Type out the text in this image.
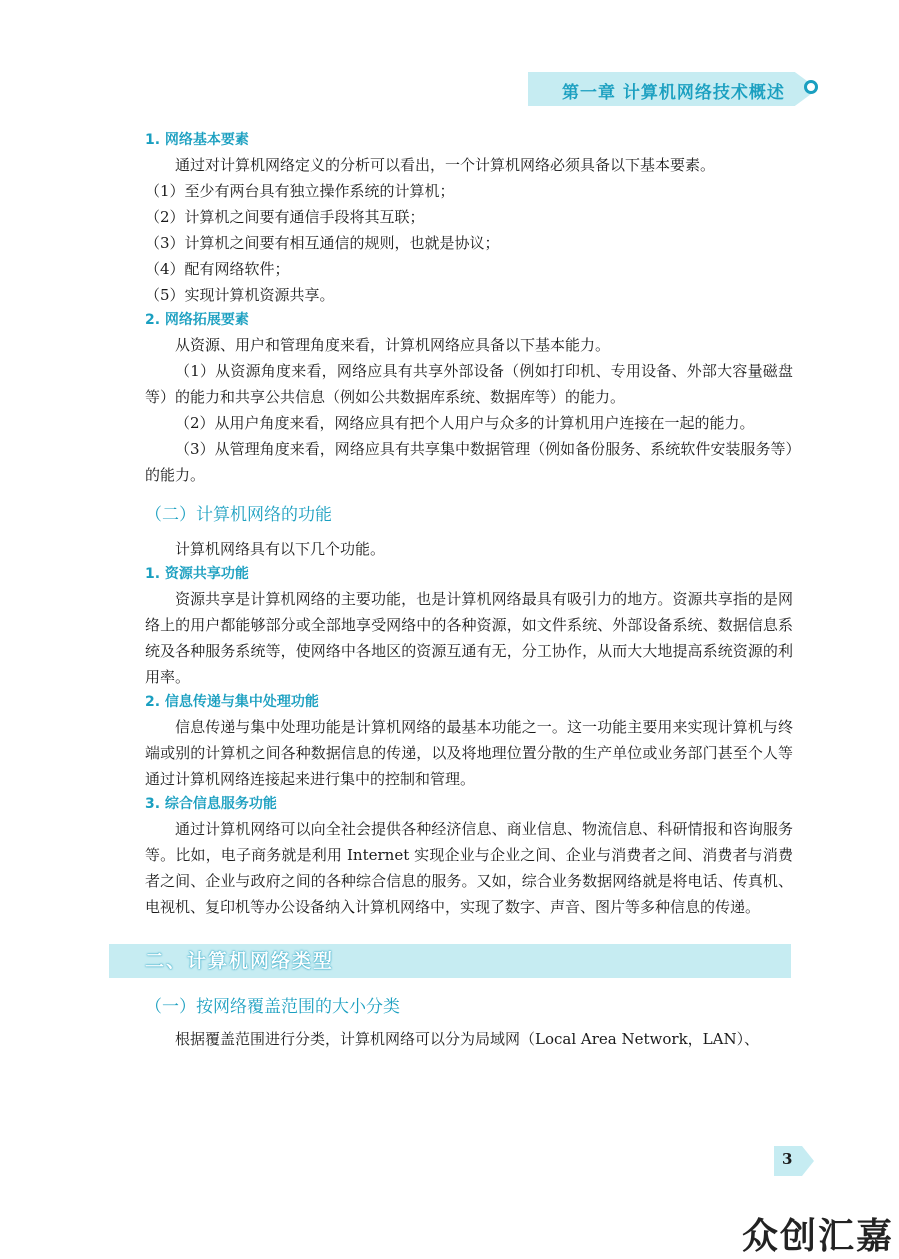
第一章 计算机网络技术概述
1. 网络基本要素

通过对计算机网络定义的分析可以看出，一个计算机网络必须具备以下基本要素。

（1）至少有两台具有独立操作系统的计算机；
（2）计算机之间要有通信手段将其互联；
（3）计算机之间要有相互通信的规则，也就是协议；
（4）配有网络软件；
（5）实现计算机资源共享。
2. 网络拓展要素

从资源、用户和管理角度来看，计算机网络应具备以下基本能力。

（1）从资源角度来看，网络应具有共享外部设备（例如打印机、专用设备、外部大容量磁盘等）的能力和共享公共信息（例如公共数据库系统、数据库等）的能力。

（2）从用户角度来看，网络应具有把个人用户与众多的计算机用户连接在一起的能力。

（3）从管理角度来看，网络应具有共享集中数据管理（例如备份服务、系统软件安装服务等）的能力。

（二）计算机网络的功能

计算机网络具有以下几个功能。

1. 资源共享功能

资源共享是计算机网络的主要功能，也是计算机网络最具有吸引力的地方。资源共享指的是网络上的用户都能够部分或全部地享受网络中的各种资源，如文件系统、外部设备系统、数据信息系统及各种服务系统等，使网络中各地区的资源互通有无，分工协作，从而大大地提高系统资源的利用率。

2. 信息传递与集中处理功能

信息传递与集中处理功能是计算机网络的最基本功能之一。这一功能主要用来实现计算机与终端或别的计算机之间各种数据信息的传递，以及将地理位置分散的生产单位或业务部门甚至个人等通过计算机网络连接起来进行集中的控制和管理。

3. 综合信息服务功能

通过计算机网络可以向全社会提供各种经济信息、商业信息、物流信息、科研情报和咨询服务等。比如，电子商务就是利用 Internet 实现企业与企业之间、企业与消费者之间、消费者与消费者之间、企业与政府之间的各种综合信息的服务。又如，综合业务数据网络就是将电话、传真机、电视机、复印机等办公设备纳入计算机网络中，实现了数字、声音、图片等多种信息的传递。

二、计算机网络类型
（一）按网络覆盖范围的大小分类

根据覆盖范围进行分类，计算机网络可以分为局域网（Local Area Network，LAN）、

3
众创汇嘉
